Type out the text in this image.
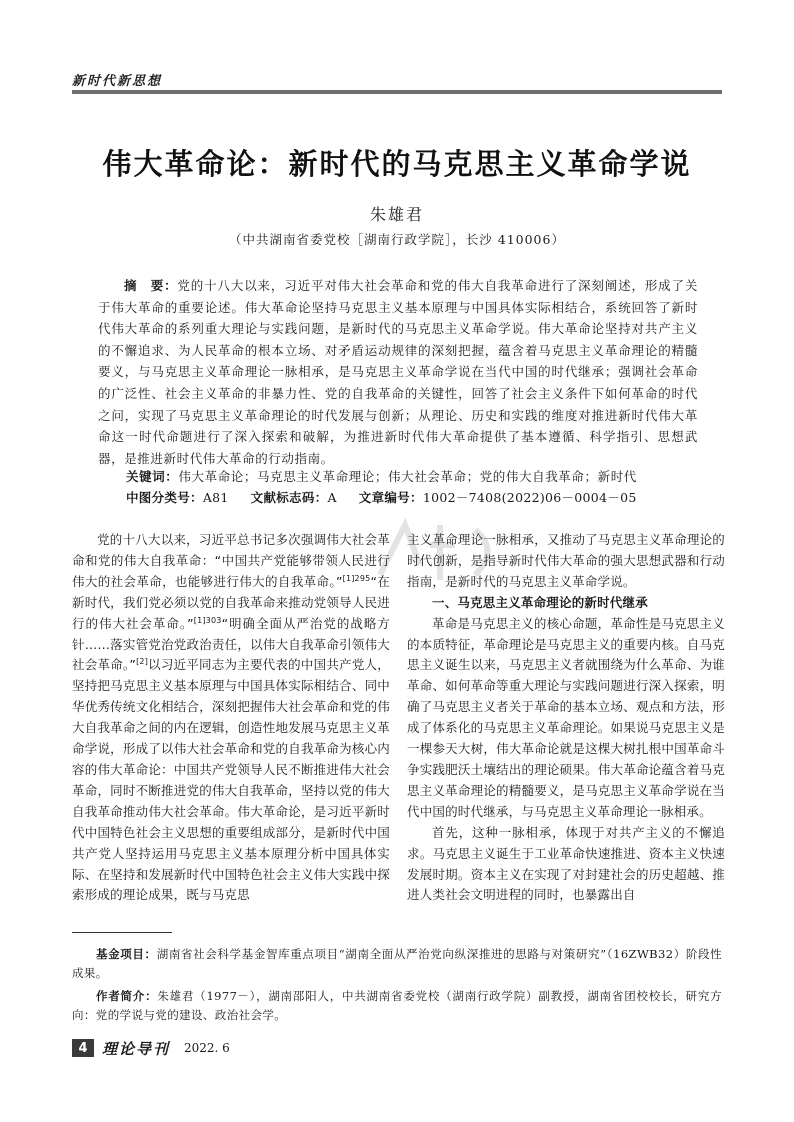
新时代新思想
伟大革命论：新时代的马克思主义革命学说
朱雄君
（中共湖南省委党校［湖南行政学院］，长沙 410006）
摘　要：党的十八大以来，习近平对伟大社会革命和党的伟大自我革命进行了深刻阐述，形成了关于伟大革命的重要论述。伟大革命论坚持马克思主义基本原理与中国具体实际相结合，系统回答了新时代伟大革命的系列重大理论与实践问题，是新时代的马克思主义革命学说。伟大革命论坚持对共产主义的不懈追求、为人民革命的根本立场、对矛盾运动规律的深刻把握，蕴含着马克思主义革命理论的精髓要义，与马克思主义革命理论一脉相承，是马克思主义革命学说在当代中国的时代继承；强调社会革命的广泛性、社会主义革命的非暴力性、党的自我革命的关键性，回答了社会主义条件下如何革命的时代之问，实现了马克思主义革命理论的时代发展与创新；从理论、历史和实践的维度对推进新时代伟大革命这一时代命题进行了深入探索和破解，为推进新时代伟大革命提供了基本遵循、科学指引、思想武器，是推进新时代伟大革命的行动指南。
关键词：伟大革命论；马克思主义革命理论；伟大社会革命；党的伟大自我革命；新时代
中图分类号：A81 文献标志码：A 文章编号：1002－7408(2022)06－0004－05

党的十八大以来，习近平总书记多次强调伟大社会革命和党的伟大自我革命：“中国共产党能够带领人民进行伟大的社会革命，也能够进行伟大的自我革命。”$^{[1]295}$“在新时代，我们党必须以党的自我革命来推动党领导人民进行的伟大社会革命。”$^{[1]303}$“明确全面从严治党的战略方针……落实管党治党政治责任，以伟大自我革命引领伟大社会革命。”[2]以习近平同志为主要代表的中国共产党人，坚持把马克思主义基本原理与中国具体实际相结合、同中华优秀传统文化相结合，深刻把握伟大社会革命和党的伟大自我革命之间的内在逻辑，创造性地发展马克思主义革命学说，形成了以伟大社会革命和党的自我革命为核心内容的伟大革命论：中国共产党领导人民不断推进伟大社会革命，同时不断推进党的伟大自我革命，坚持以党的伟大自我革命推动伟大社会革命。伟大革命论，是习近平新时代中国特色社会主义思想的重要组成部分，是新时代中国共产党人坚持运用马克思主义基本原理分析中国具体实际、在坚持和发展新时代中国特色社会主义伟大实践中探索形成的理论成果，既与马克思

主义革命理论一脉相承，又推动了马克思主义革命理论的时代创新，是指导新时代伟大革命的强大思想武器和行动指南，是新时代的马克思主义革命学说。

一、马克思主义革命理论的新时代继承

革命是马克思主义的核心命题，革命性是马克思主义的本质特征，革命理论是马克思主义的重要内核。自马克思主义诞生以来，马克思主义者就围绕为什么革命、为谁革命、如何革命等重大理论与实践问题进行深入探索，明确了马克思主义者关于革命的基本立场、观点和方法，形成了体系化的马克思主义革命理论。如果说马克思主义是一棵参天大树，伟大革命论就是这棵大树扎根中国革命斗争实践肥沃土壤结出的理论硕果。伟大革命论蕴含着马克思主义革命理论的精髓要义，是马克思主义革命学说在当代中国的时代继承，与马克思主义革命理论一脉相承。

首先，这种一脉相承，体现于对共产主义的不懈追求。马克思主义诞生于工业革命快速推进、资本主义快速发展时期。资本主义在实现了对封建社会的历史超越、推进人类社会文明进程的同时，也暴露出自

基金项目：湖南省社会科学基金智库重点项目“湖南全面从严治党向纵深推进的思路与对策研究”（16ZWB32）阶段性成果。

作者简介：朱雄君（1977－），湖南邵阳人，中共湖南省委党校（湖南行政学院）副教授，湖南省团校校长，研究方向：党的学说与党的建设、政治社会学。

4 理论导刊 2022. 6
